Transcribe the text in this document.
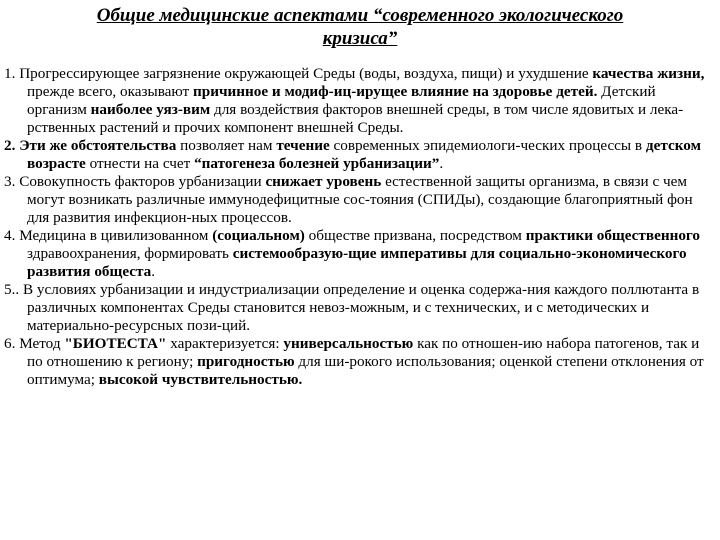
Общие медицинские аспектами “современного экологического
кризиса”

1. Прогрессирующее загрязнение окружающей Среды (воды, воздуха, пищи) и ухудшение качества жизни, прежде всего, оказывают причинное и модиф-иц-ирущее влияние на здоровье детей. Детский организм наиболее уяз-вим для воздействия факторов внешней среды, в том числе ядовитых и лека-рственных растений и прочих компонент внешней Среды.

2. Эти же обстоятельства позволяет нам течение современных эпидемиологи-ческих процессы в детском возрасте отнести на счет “патогенеза болезней урбанизации”.

3. Совокупность факторов урбанизации снижает уровень естественной защиты организма, в связи с чем могут возникать различные иммунодефицитные сос-тояния (СПИДы), создающие благоприятный фон для развития инфекцион-ных процессов.

4. Медицина в цивилизованном (социальном) обществе призвана, посредством практики общественного здравоохранения, формировать системообразую-щие императивы для социально-экономического развития общеста.

5.. В условиях урбанизации и индустриализации определение и оценка содержа-ния каждого поллютанта в различных компонентах Среды становится невоз-можным, и с технических, и с методических и материально-ресурсных пози-ций.

6. Метод "БИОТЕСТА" характеризуется: универсальностью как по отношен-ию набора патогенов, так и по отношению к региону; пригодностью для ши-рокого использования; оценкой степени отклонения от оптимума; высокой чувствительностью.
